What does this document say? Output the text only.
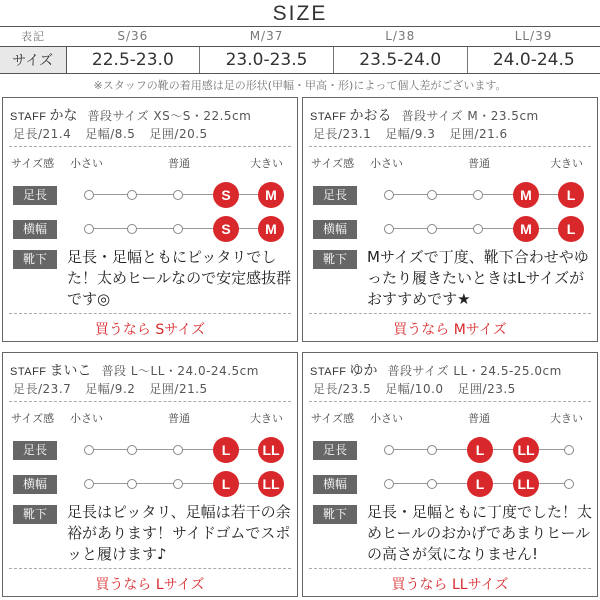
SIZE
表記	S/36	M/37	L/38	LL/39
サイズ	22.5-23.0	23.0-23.5	23.5-24.0	24.0-24.5
※スタッフの靴の着用感は足の形状(甲幅・甲高・形)によって個人差がございます。
STAFF かな 普段サイズ XS〜S・22.5cm
足長/21.4 足幅/8.5 足囲/20.5
サイズ感 小さい	普通	大きい
足長
横幅
靴下
S	M
S	M
足長・足幅ともにピッタリでした！太めヒールなので安定感抜群です◎
買うなら Sサイズ
STAFF かおる 普段サイズ M・23.5cm
足長/23.1 足幅/9.3 足囲/21.6
サイズ感 小さい	普通	大きい
足長
横幅
靴下
M	L
M	L
Mサイズで丁度、靴下合わせやゆったり履きたいときはLサイズがおすすめです★
買うなら Mサイズ
STAFF まいこ 普段 L〜LL・24.0-24.5cm
足長/23.7 足幅/9.2 足囲/21.5
サイズ感 小さい	普通	大きい
足長
横幅
靴下
L	LL
L	LL
足長はピッタリ、足幅は若干の余裕があります！サイドゴムでスポッと履けます♪
買うなら Lサイズ
STAFF ゆか 普段サイズ LL・24.5-25.0cm
足長/23.5 足幅/10.0 足囲/23.5
サイズ感 小さい	普通	大きい
足長
横幅
靴下
L	LL
L	LL
足長・足幅ともに丁度でした！太めヒールのおかげであまりヒールの高さが気になりません!
買うなら LLサイズ
